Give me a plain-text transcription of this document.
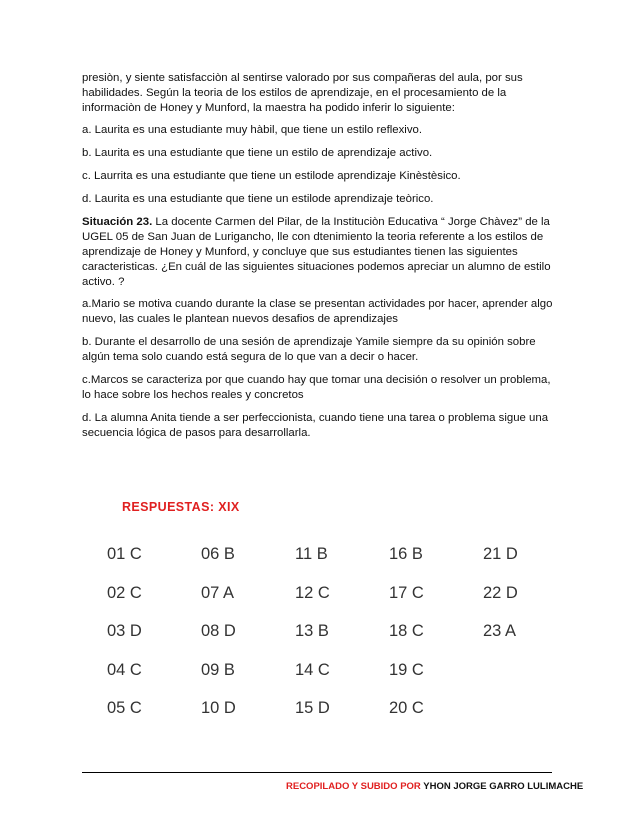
presiòn, y siente satisfacciòn al sentirse valorado por sus compañeras del aula, por sus habilidades. Según la teoria de los estilos de aprendizaje, en el procesamiento de la informaciòn de Honey y Munford, la maestra ha podido inferir lo siguiente:

a. Laurita es una estudiante muy hàbil, que tiene un estilo reflexivo.

b. Laurita es una estudiante que tiene un estilo de aprendizaje activo.

c. Laurrita es una estudiante que tiene un estilode aprendizaje Kinèstèsico.

d. Laurita es una estudiante que tiene un estilode aprendizaje teòrico.

Situación 23. La docente Carmen del Pilar, de la Instituciòn Educativa “ Jorge Chàvez” de la UGEL 05 de San Juan de Lurigancho, lle con dtenimiento la teoria referente a los estilos de aprendizaje de Honey y Munford, y concluye que sus estudiantes tienen las siguientes caracteristicas. ¿En cuál de las siguientes situaciones podemos apreciar un alumno de estilo activo. ?

a.Mario se motiva cuando durante la clase se presentan actividades por hacer, aprender algo nuevo, las cuales le plantean nuevos desafios de aprendizajes

b. Durante el desarrollo de una sesión de aprendizaje Yamile siempre da su opinión sobre algún tema solo cuando está segura de lo que van a decir o hacer.

c.Marcos se caracteriza por que cuando hay que tomar una decisión o resolver un problema, lo hace sobre los hechos reales y concretos

d. La alumna Anita tiende a ser perfeccionista, cuando tiene una tarea o problema sigue una secuencia lógica de pasos para desarrollarla.

RESPUESTAS: XIX
01 C	06 B	11 B	16 B	21 D
02 C	07 A	12 C	17 C	22 D
03 D	08 D	13 B	18 C	23 A
04 C	09 B	14 C	19 C
05 C	10 D	15 D	20 C
RECOPILADO Y SUBIDO POR YHON JORGE GARRO LULIMACHE
